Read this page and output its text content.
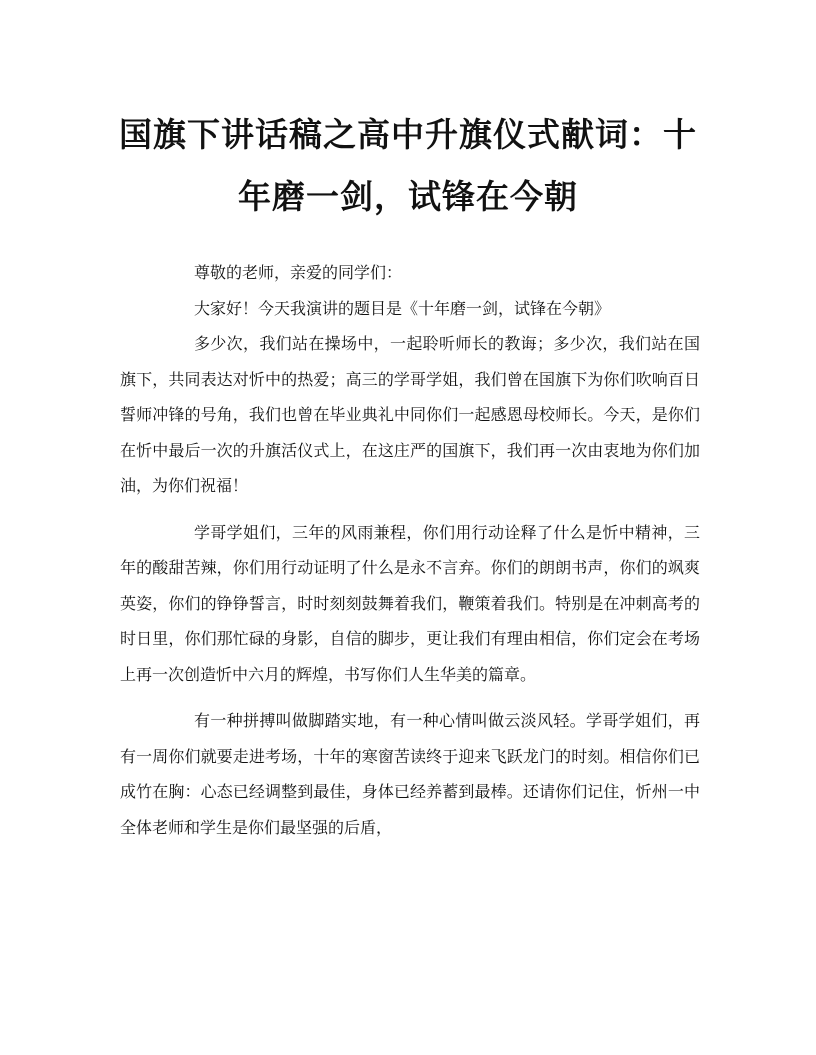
国旗下讲话稿之高中升旗仪式献词：十年磨一剑，试锋在今朝

尊敬的老师，亲爱的同学们：

大家好！今天我演讲的题目是《十年磨一剑，试锋在今朝》

多少次，我们站在操场中，一起聆听师长的教诲；多少次，我们站在国旗下，共同表达对忻中的热爱；高三的学哥学姐，我们曾在国旗下为你们吹响百日誓师冲锋的号角，我们也曾在毕业典礼中同你们一起感恩母校师长。今天，是你们在忻中最后一次的升旗活仪式上，在这庄严的国旗下，我们再一次由衷地为你们加油，为你们祝福！

学哥学姐们，三年的风雨兼程，你们用行动诠释了什么是忻中精神，三年的酸甜苦辣，你们用行动证明了什么是永不言弃。你们的朗朗书声，你们的飒爽英姿，你们的铮铮誓言，时时刻刻鼓舞着我们，鞭策着我们。特别是在冲刺高考的时日里，你们那忙碌的身影，自信的脚步，更让我们有理由相信，你们定会在考场上再一次创造忻中六月的辉煌，书写你们人生华美的篇章。

有一种拼搏叫做脚踏实地，有一种心情叫做云淡风轻。学哥学姐们，再有一周你们就要走进考场，十年的寒窗苦读终于迎来飞跃龙门的时刻。相信你们已成竹在胸：心态已经调整到最佳，身体已经养蓄到最棒。还请你们记住，忻州一中全体老师和学生是你们最坚强的后盾，
